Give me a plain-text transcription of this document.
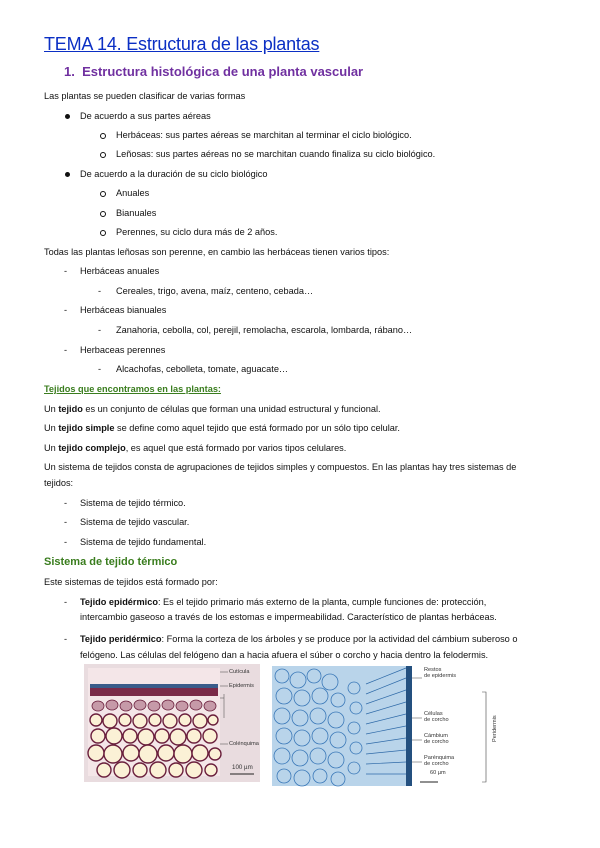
TEMA 14. Estructura de las plantas
1. Estructura histológica de una planta vascular
Las plantas se pueden clasificar de varias formas
De acuerdo a sus partes aéreas
Herbáceas: sus partes aéreas se marchitan al terminar el ciclo biológico.
Leñosas: sus partes aéreas no se marchitan cuando finaliza su ciclo biológico.
De acuerdo a la duración de su ciclo biológico
Anuales
Bianuales
Perennes, su ciclo dura más de 2 años.
Todas las plantas leñosas son perenne, en cambio las herbáceas tienen varios tipos:
- Herbáceas anuales
- Cereales, trigo, avena, maíz, centeno, cebada…
- Herbáceas bianuales
- Zanahoria, cebolla, col, perejil, remolacha, escarola, lombarda, rábano…
- Herbaceas perennes
- Alcachofas, cebolleta, tomate, aguacate…
Tejidos que encontramos en las plantas:
Un tejido es un conjunto de células que forman una unidad estructural y funcional.
Un tejido simple se define como aquel tejido que está formado por un sólo tipo celular.
Un tejido complejo, es aquel que está formado por varios tipos celulares.
Un sistema de tejidos consta de agrupaciones de tejidos simples y compuestos. En las plantas hay tres sistemas de
tejidos:
- Sistema de tejido térmico.
- Sistema de tejido vascular.
- Sistema de tejido fundamental.
Sistema de tejido térmico
Este sistemas de tejidos está formado por:
- Tejido epidérmico: Es el tejido primario más externo de la planta, cumple funciones de: protección,
intercambio gaseoso a través de los estomas e impermeabilidad. Característico de plantas herbáceas.
- Tejido peridérmico: Forma la corteza de los árboles y se produce por la actividad del cámbium suberoso o
felógeno. Las células del felógeno dan a hacia afuera el súber o corcho y hacia dentro la felodermis.
Cutícula
Epidermis
Colénquima
100 µm
Restos
de epidermis
Células
de corcho
Cámbium
de corcho
Parénquima
de corcho
60 µm
Peridermis
